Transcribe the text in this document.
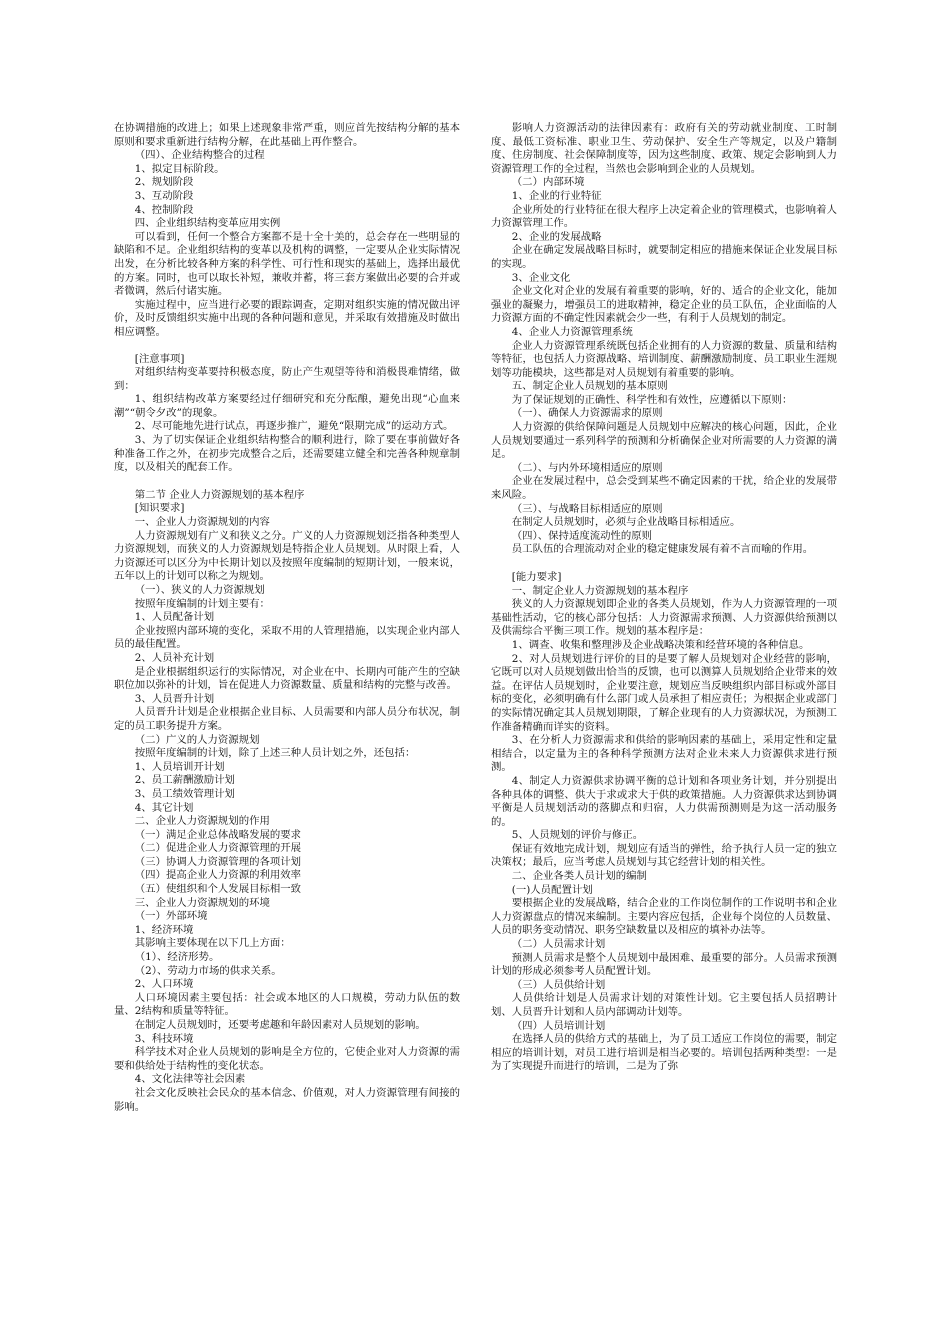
在协调措施的改进上；如果上述现象非常严重，则应首先按结构分解的基本原则和要求重新进行结构分解，在此基础上再作整合。

（四）、企业结构整合的过程

1、拟定目标阶段。

2、规划阶段

3、互动阶段

4、控制阶段

四、企业组织结构变革应用实例

可以看到，任何一个整合方案都不是十全十美的，总会存在一些明显的缺陷和不足。企业组织结构的变革以及机构的调整，一定要从企业实际情况出发，在分析比较各种方案的科学性、可行性和现实的基础上，选择出最优的方案。同时，也可以取长补短，兼收并蓄，将三套方案做出必要的合并或者微调，然后付诸实施。

实施过程中，应当进行必要的跟踪调查，定期对组织实施的情况做出评价，及时反馈组织实施中出现的各种问题和意见，并采取有效措施及时做出相应调整。

[注意事项]

对组织结构变革要持积极态度，防止产生观望等待和消极畏难情绪，做到：

1、组织结构改革方案要经过仔细研究和充分酝酿，避免出现“心血来潮”“朝令夕改”的现象。

2、尽可能地先进行试点，再逐步推广，避免“限期完成”的运动方式。

3、为了切实保证企业组织结构整合的顺利进行，除了要在事前做好各种准备工作之外，在初步完成整合之后，还需要建立健全和完善各种规章制度，以及相关的配套工作。

第二节 企业人力资源规划的基本程序

[知识要求]

一、企业人力资源规划的内容

人力资源规划有广义和狭义之分。广义的人力资源规划泛指各种类型人力资源规划，而狭义的人力资源规划是特指企业人员规划。从时限上看，人力资源还可以区分为中长期计划以及按照年度编制的短期计划，一般来说，五年以上的计划可以称之为规划。

（一）、狭义的人力资源规划

按照年度编制的计划主要有：

1、人员配备计划

企业按照内部环境的变化，采取不用的人管理措施，以实现企业内部人员的最佳配置。

2、人员补充计划

是企业根据组织运行的实际情况，对企业在中、长期内可能产生的空缺职位加以弥补的计划，旨在促进人力资源数量、质量和结构的完整与改善。

3、人员晋升计划

人员晋升计划是企业根据企业目标、人员需要和内部人员分布状况，制定的员工职务提升方案。

（二）广义的人力资源规划

按照年度编制的计划，除了上述三种人员计划之外，还包括：

1、人员培训开计划

2、员工薪酬激励计划

3、员工绩效管理计划

4、其它计划

二、企业人力资源规划的作用

（一）满足企业总体战略发展的要求

（二）促进企业人力资源管理的开展

（三）协调人力资源管理的各项计划

（四）提高企业人力资源的利用效率

（五）使组织和个人发展目标相一致

三、企业人力资源规划的环境

（一）外部环境

1、经济环境

其影响主要体现在以下几上方面：

（1）、经济形势。

（2）、劳动力市场的供求关系。

2、人口环境

人口环境因素主要包括：社会或本地区的人口规模，劳动力队伍的数量、2结构和质量等特征。

在制定人员规划时，还要考虑趣和年龄因素对人员规划的影响。

3、科技环境

科学技术对企业人员规划的影响是全方位的，它使企业对人力资源的需要和供给处于结构性的变化状态。

4、文化法律等社会因素

社会文化反映社会民众的基本信念、价值观，对人力资源管理有间接的影响。

影响人力资源活动的法律因素有：政府有关的劳动就业制度、工时制度、最低工资标准、职业卫生、劳动保护、安全生产等规定，以及户籍制度、住房制度、社会保障制度等，因为这些制度、政策、规定会影响到人力资源管理工作的全过程，当然也会影响到企业的人员规划。

（二）内部环境

1、企业的行业特征

企业所处的行业特征在很大程序上决定着企业的管理模式，也影响着人力资源管理工作。

2、企业的发展战略

企业在确定发展战略目标时，就要制定相应的措施来保证企业发展目标的实现。

3、企业文化

企业文化对企业的发展有着重要的影响，好的、适合的企业文化，能加强业的凝聚力，增强员工的进取精神，稳定企业的员工队伍，企业面临的人力资源方面的不确定性因素就会少一些，有利于人员规划的制定。

4、企业人力资源管理系统

企业人力资源管理系统既包括企业拥有的人力资源的数量、质量和结构等特征，也包括人力资源战略、培训制度、薪酬激励制度、员工职业生涯规划等功能模块，这些都是对人员规划有着重要的影响。

五、制定企业人员规划的基本原则

为了保证规划的正确性、科学性和有效性，应遵循以下原则：

（一）、确保人力资源需求的原则

人力资源的供给保障问题是人员规划中应解决的核心问题，因此，企业人员规划要通过一系列科学的预测和分析确保企业对所需要的人力资源的满足。

（二）、与内外环境相适应的原则

企业在发展过程中，总会受到某些不确定因素的干扰，给企业的发展带来风险。

（三）、与战略目标相适应的原则

在制定人员规划时，必须与企业战略目标相适应。

（四）、保持适度流动性的原则

员工队伍的合理流动对企业的稳定健康发展有着不言而喻的作用。

[能力要求]

一、制定企业人力资源规划的基本程序

狭义的人力资源规划即企业的各类人员规划，作为人力资源管理的一项基础性活动，它的核心部分包括：人力资源需求预测、人力资源供给预测以及供需综合平衡三项工作。规划的基本程序是：

1、调查、收集和整理涉及企业战略决策和经营环境的各种信息。

2、对人员规划进行评价的目的是要了解人员规划对企业经营的影响，它既可以对人员规划做出恰当的反馈，也可以测算人员规划给企业带来的效益。在评估人员规划时，企业要注意，规划应当反映组织内部目标或外部目标的变化，必须明确有什么部门或人员承担了相应责任；为根据企业或部门的实际情况确定其人员规划期限，了解企业现有的人力资源状况，为预测工作准备精确而详实的资料。

3、在分析人力资源需求和供给的影响因素的基础上，采用定性和定量相结合，以定量为主的各种科学预测方法对企业未来人力资源供求进行预测。

4、制定人力资源供求协调平衡的总计划和各项业务计划，并分别提出各种具体的调整、供大于求或求大于供的政策措施。人力资源供求达到协调平衡是人员规划活动的落脚点和归宿，人力供需预测则是为这一活动服务的。

5、人员规划的评价与修正。

保证有效地完成计划，规划应有适当的弹性，给予执行人员一定的独立决策权；最后，应当考虑人员规划与其它经营计划的相关性。

二、企业各类人员计划的编制

(一)人员配置计划

要根据企业的发展战略，结合企业的工作岗位制作的工作说明书和企业人力资源盘点的情况来编制。主要内容应包括，企业每个岗位的人员数量、人员的职务变动情况、职务空缺数量以及相应的填补办法等。

（二）人员需求计划

预测人员需求是整个人员规划中最困难、最重要的部分。人员需求预测计划的形成必须参考人员配置计划。

（三）人员供给计划

人员供给计划是人员需求计划的对策性计划。它主要包括人员招聘计划、人员晋升计划和人员内部调动计划等。

（四）人员培训计划

在选择人员的供给方式的基础上，为了员工适应工作岗位的需要，制定相应的培训计划，对员工进行培训是相当必要的。培训包括两种类型：一是为了实现提升而进行的培训，二是为了弥
